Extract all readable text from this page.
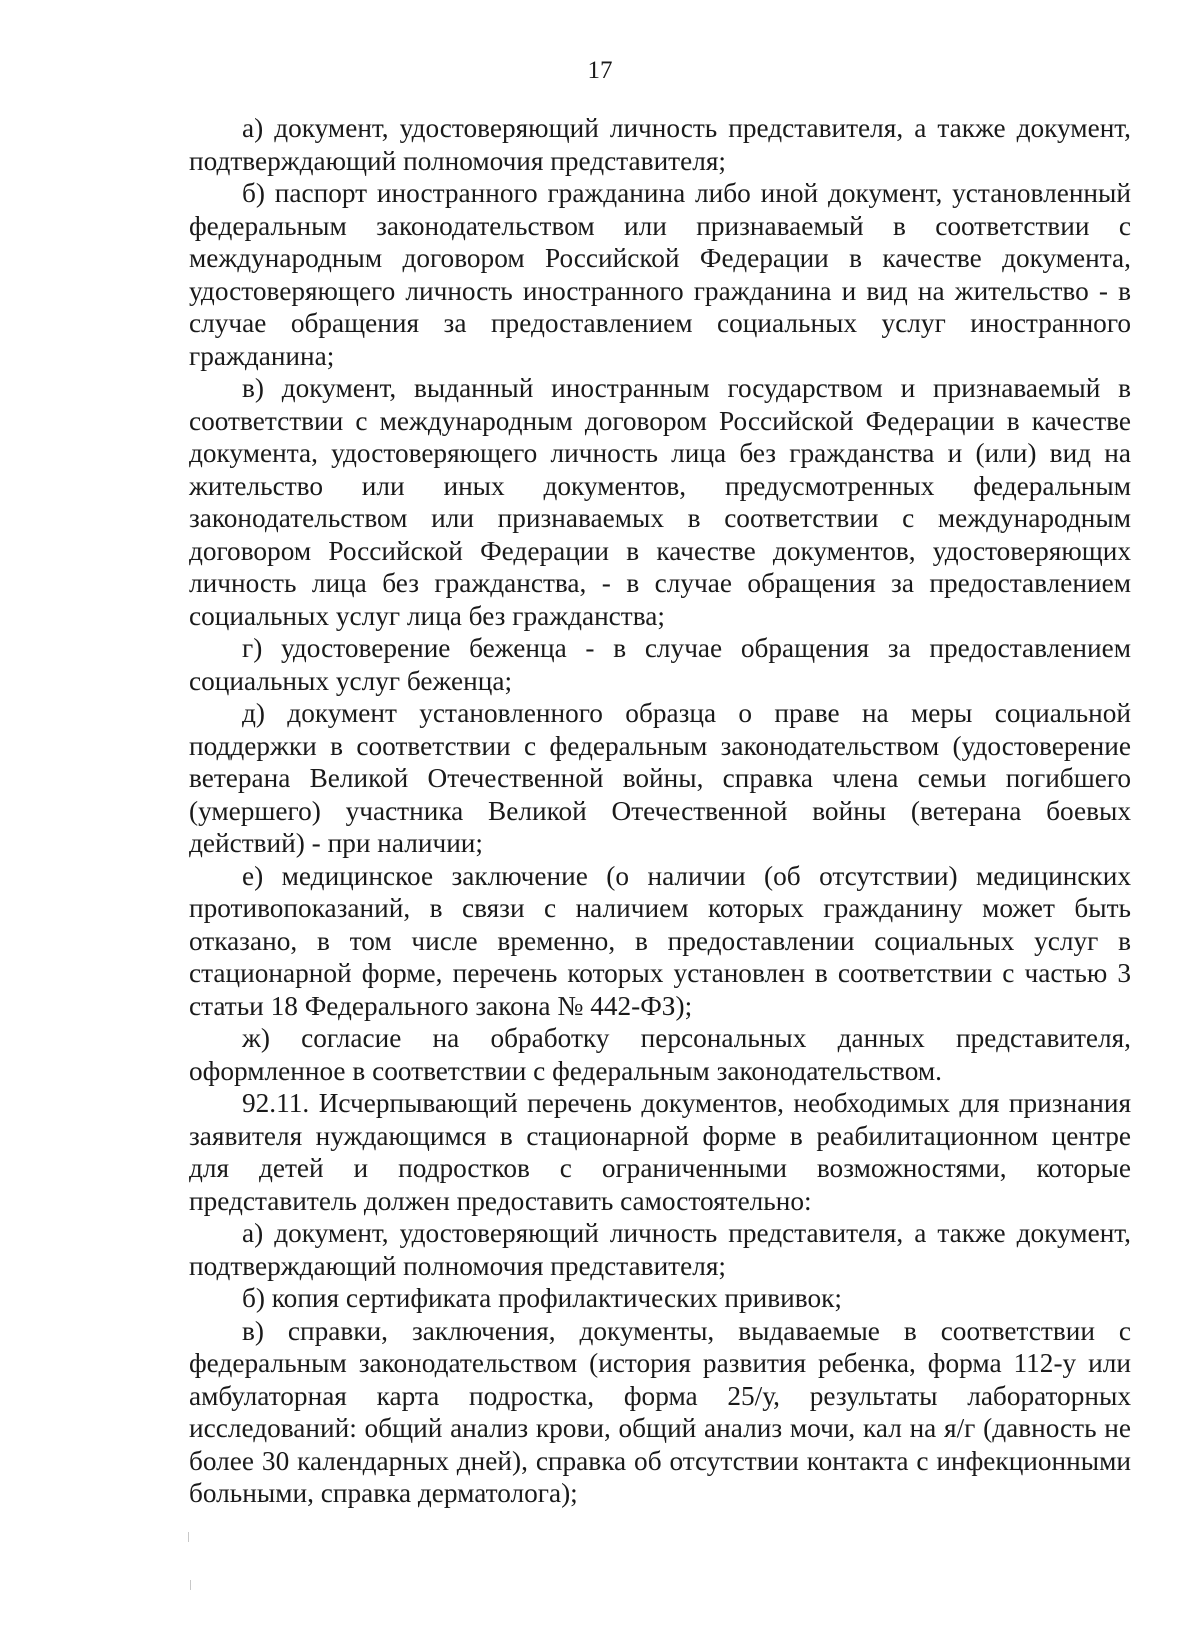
17

а) документ, удостоверяющий личность представителя, а также документ, подтверждающий полномочия представителя;

б) паспорт иностранного гражданина либо иной документ, установленный федеральным законодательством или признаваемый в соответствии с международным договором Российской Федерации в качестве документа, удостоверяющего личность иностранного гражданина и вид на жительство - в случае обращения за предоставлением социальных услуг иностранного гражданина;

в) документ, выданный иностранным государством и признаваемый в соответствии с международным договором Российской Федерации в качестве документа, удостоверяющего личность лица без гражданства и (или) вид на жительство или иных документов, предусмотренных федеральным законодательством или признаваемых в соответствии с международным договором Российской Федерации в качестве документов, удостоверяющих личность лица без гражданства, - в случае обращения за предоставлением социальных услуг лица без гражданства;

г) удостоверение беженца - в случае обращения за предоставлением социальных услуг беженца;

д) документ установленного образца о праве на меры социальной поддержки в соответствии с федеральным законодательством (удостоверение ветерана Великой Отечественной войны, справка члена семьи погибшего (умершего) участника Великой Отечественной войны (ветерана боевых действий) - при наличии;

е) медицинское заключение (о наличии (об отсутствии) медицинских противопоказаний, в связи с наличием которых гражданину может быть отказано, в том числе временно, в предоставлении социальных услуг в стационарной форме, перечень которых установлен в соответствии с частью 3 статьи 18 Федерального закона № 442-ФЗ);

ж) согласие на обработку персональных данных представителя, оформленное в соответствии с федеральным законодательством.

92.11. Исчерпывающий перечень документов, необходимых для признания заявителя нуждающимся в стационарной форме в реабилитационном центре для детей и подростков с ограниченными возможностями, которые представитель должен предоставить самостоятельно:

а) документ, удостоверяющий личность представителя, а также документ, подтверждающий полномочия представителя;

б) копия сертификата профилактических прививок;

в) справки, заключения, документы, выдаваемые в соответствии с федеральным законодательством (история развития ребенка, форма 112-у или амбулаторная карта подростка, форма 25/у, результаты лабораторных исследований: общий анализ крови, общий анализ мочи, кал на я/г (давность не более 30 календарных дней), справка об отсутствии контакта с инфекционными больными, справка дерматолога);
